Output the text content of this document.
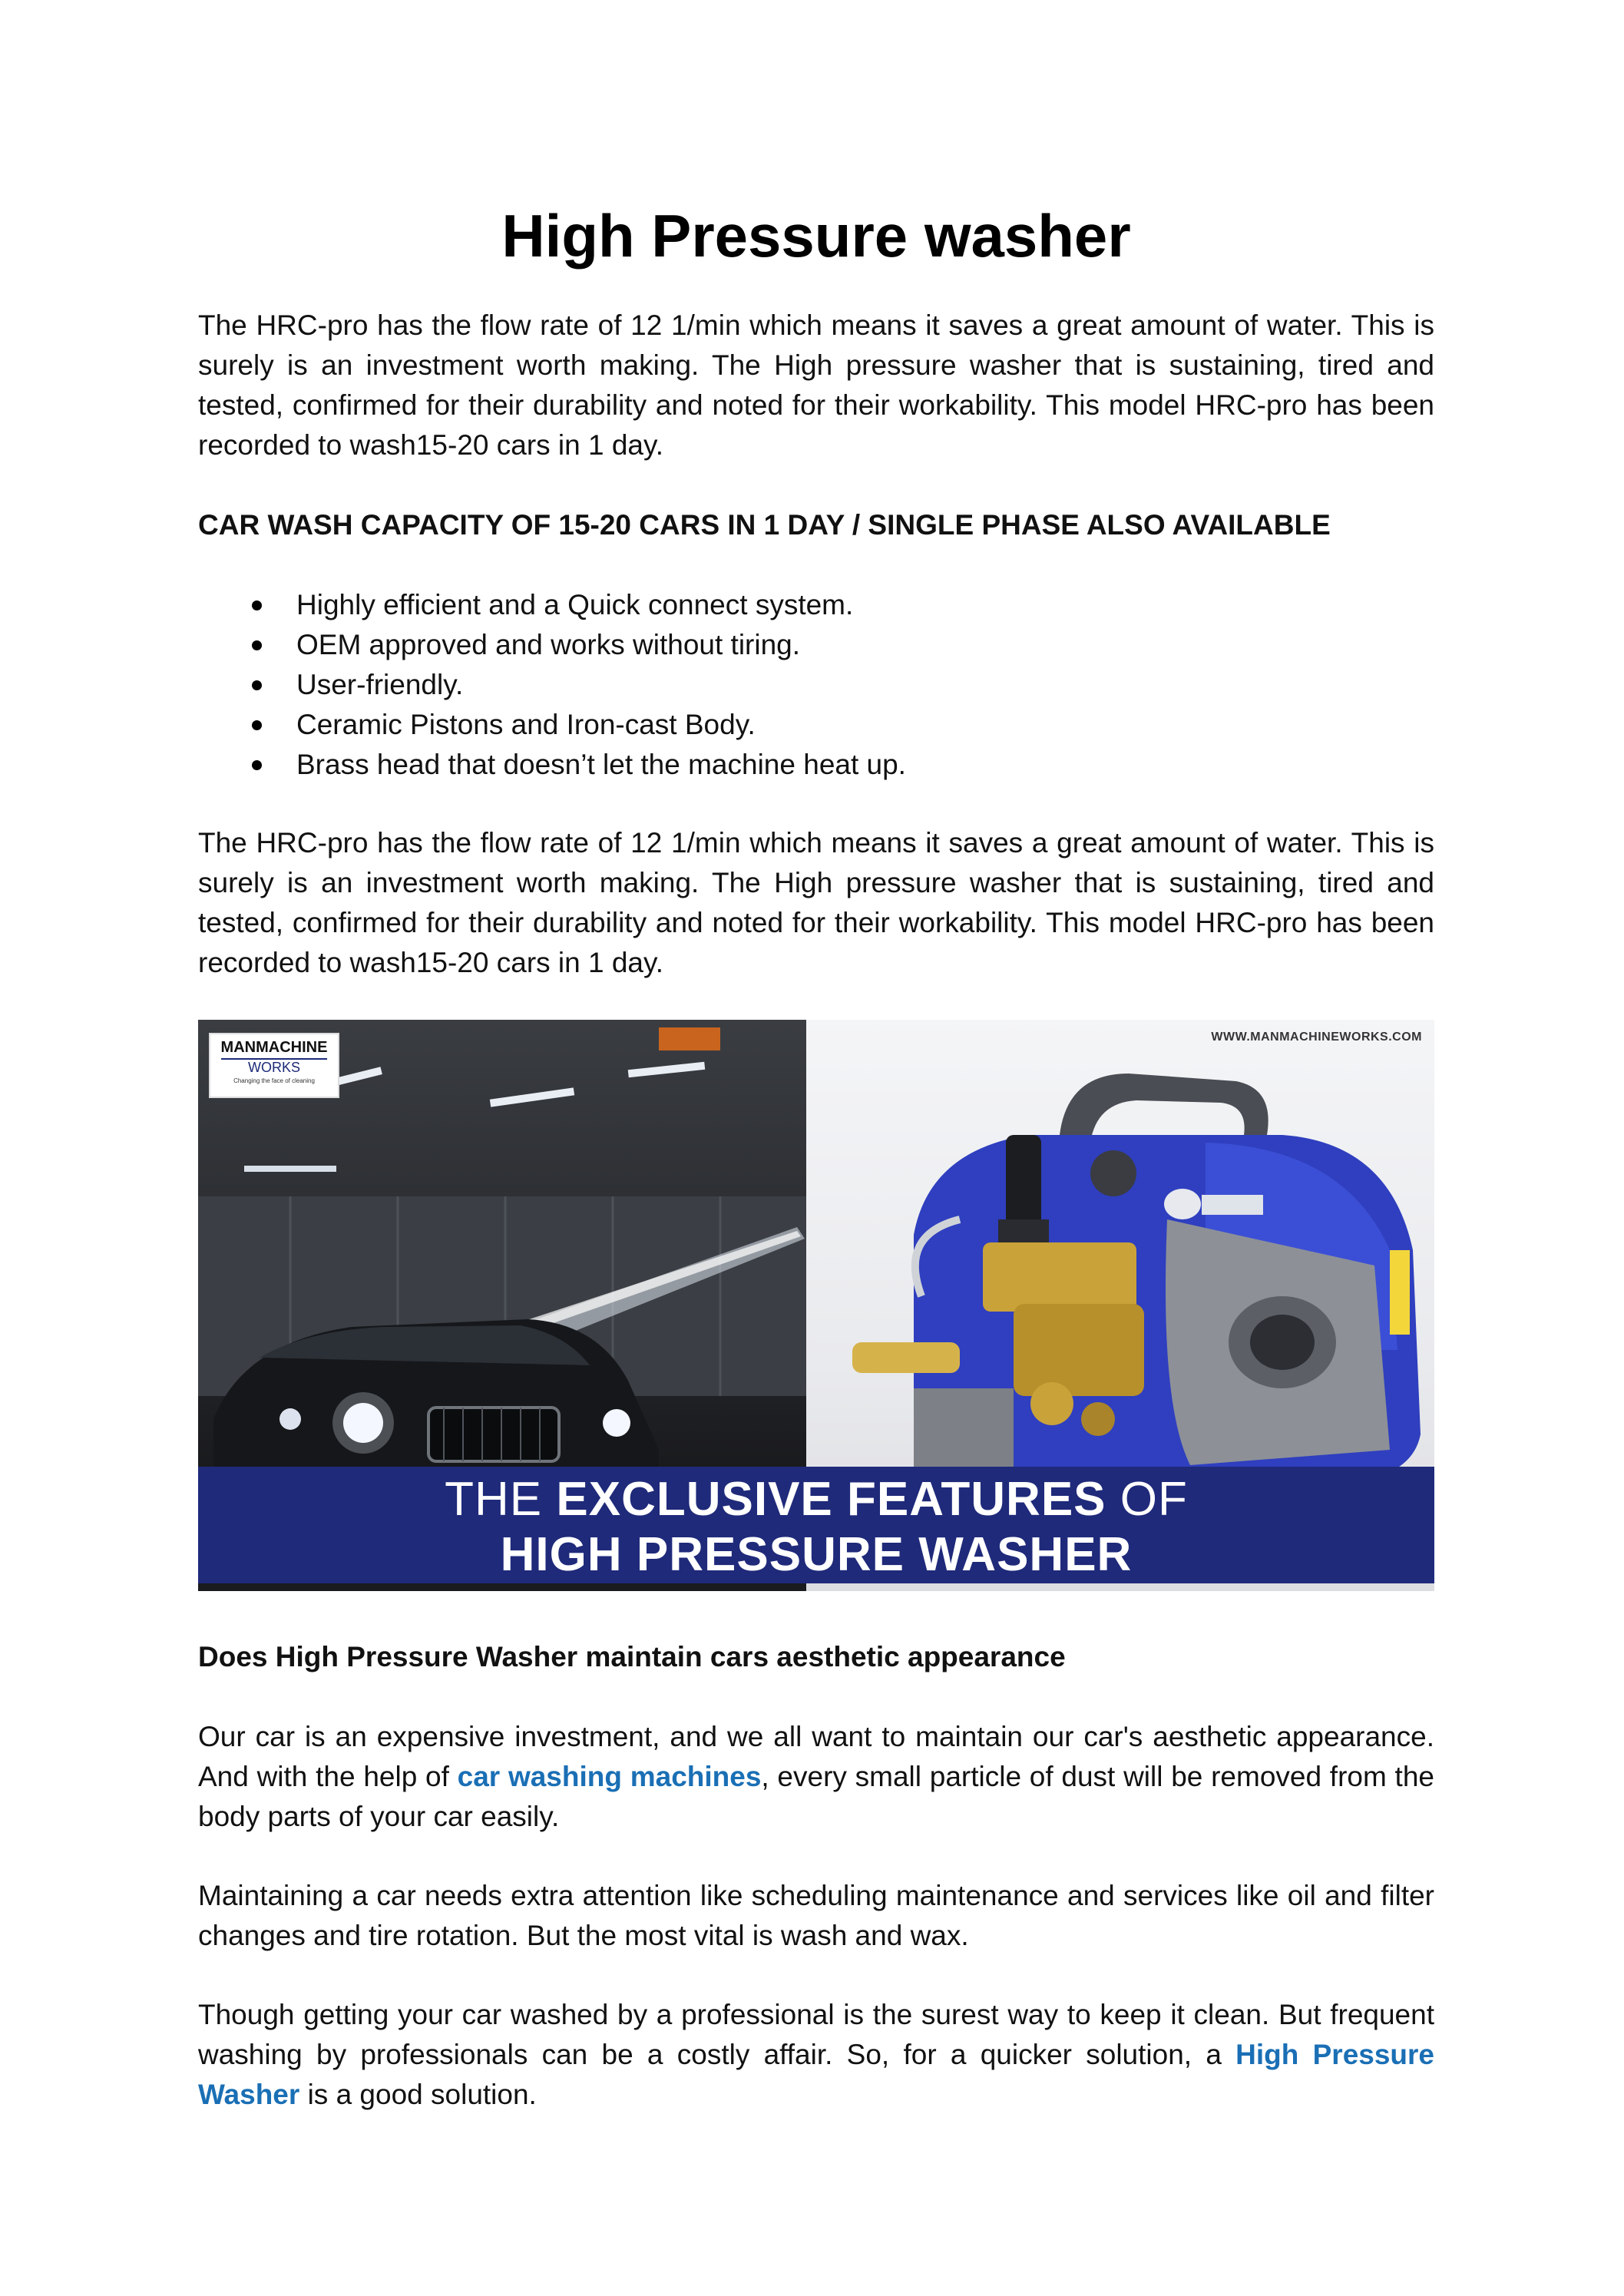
High Pressure washer

The HRC-pro has the flow rate of 12 1/min which means it saves a great amount of water. This is surely is an investment worth making. The High pressure washer that is sustaining, tired and tested, confirmed for their durability and noted for their workability. This model HRC-pro has been recorded to wash15-20 cars in 1 day.

CAR WASH CAPACITY OF 15-20 CARS IN 1 DAY / SINGLE PHASE ALSO AVAILABLE
Highly efficient and a Quick connect system.
OEM approved and works without tiring.
User-friendly.
Ceramic Pistons and Iron-cast Body.
Brass head that doesn’t let the machine heat up.

The HRC-pro has the flow rate of 12 1/min which means it saves a great amount of water. This is surely is an investment worth making. The High pressure washer that is sustaining, tired and tested, confirmed for their durability and noted for their workability. This model HRC-pro has been recorded to wash15-20 cars in 1 day.

MANMACHINE
WORKS
Changing the face of cleaning
WWW.MANMACHINEWORKS.COM
THE EXCLUSIVE FEATURES OF
HIGH PRESSURE WASHER
Does High Pressure Washer maintain cars aesthetic appearance

Our car is an expensive investment, and we all want to maintain our car's aesthetic appearance. And with the help of car washing machines, every small particle of dust will be removed from the body parts of your car easily.

Maintaining a car needs extra attention like scheduling maintenance and services like oil and filter changes and tire rotation. But the most vital is wash and wax.

Though getting your car washed by a professional is the surest way to keep it clean. But frequent washing by professionals can be a costly affair. So, for a quicker solution, a High Pressure Washer is a good solution.
